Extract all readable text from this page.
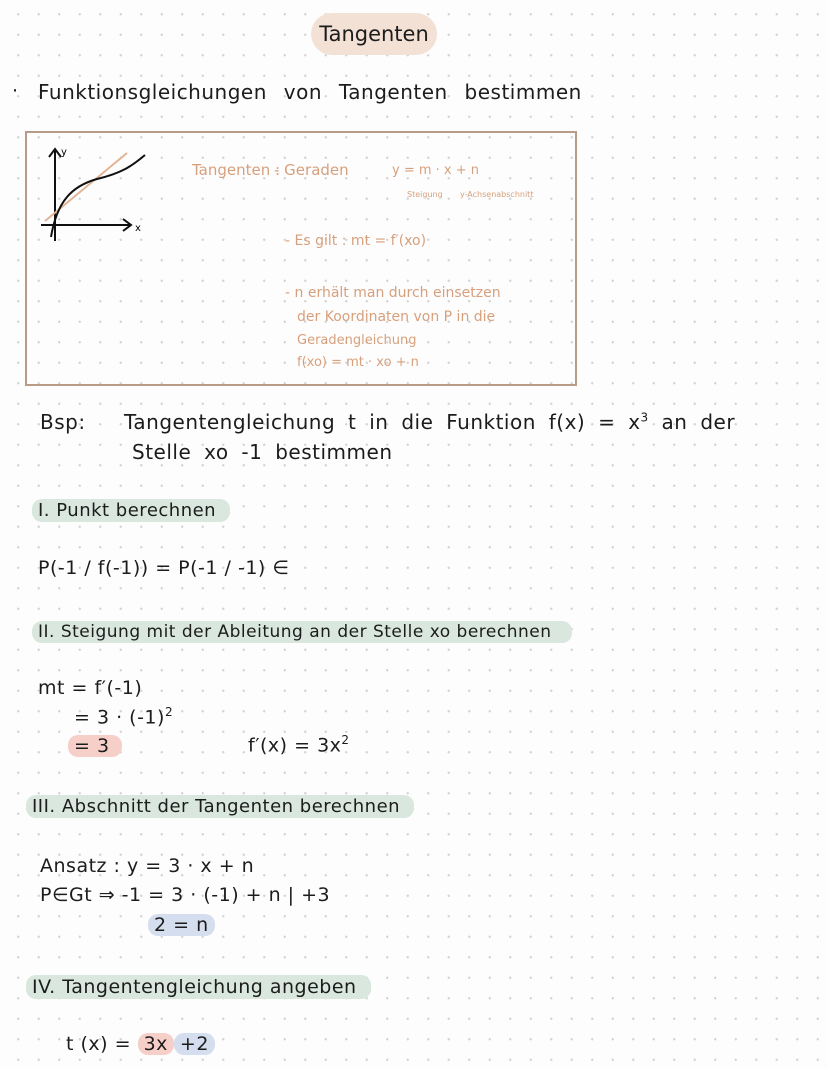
Tangenten
· Funktionsgleichungen von Tangenten bestimmen
y
x
Tangenten :
- Geraden	y = m · x + n
Steigung y-Achsenabschnitt
- Es gilt : mt = f′(xo)
- n erhält man durch einsetzen
der Koordinaten von P in die
Geradengleichung
f(xo) = mt · xo + n
Bsp: Tangentengleichung t in die Funktion $f(x) = x^3$ an der
Stelle xo -1 bestimmen
I. Punkt berechnen
P(-1 / f(-1)) = P(-1 / -1) ∈
II. Steigung mit der Ableitung an der Stelle xo berechnen
mt = f′(-1)
= $3 \cdot (-1)^2$
= 3	$f'(x) = 3x^2$
III. Abschnitt der Tangenten berechnen
Ansatz : y = 3 · x + n
P∈Gt ⇒ -1 = 3 · (-1) + n | +3
2 = n
IV. Tangentengleichung angeben
t (x) = 3x +2
